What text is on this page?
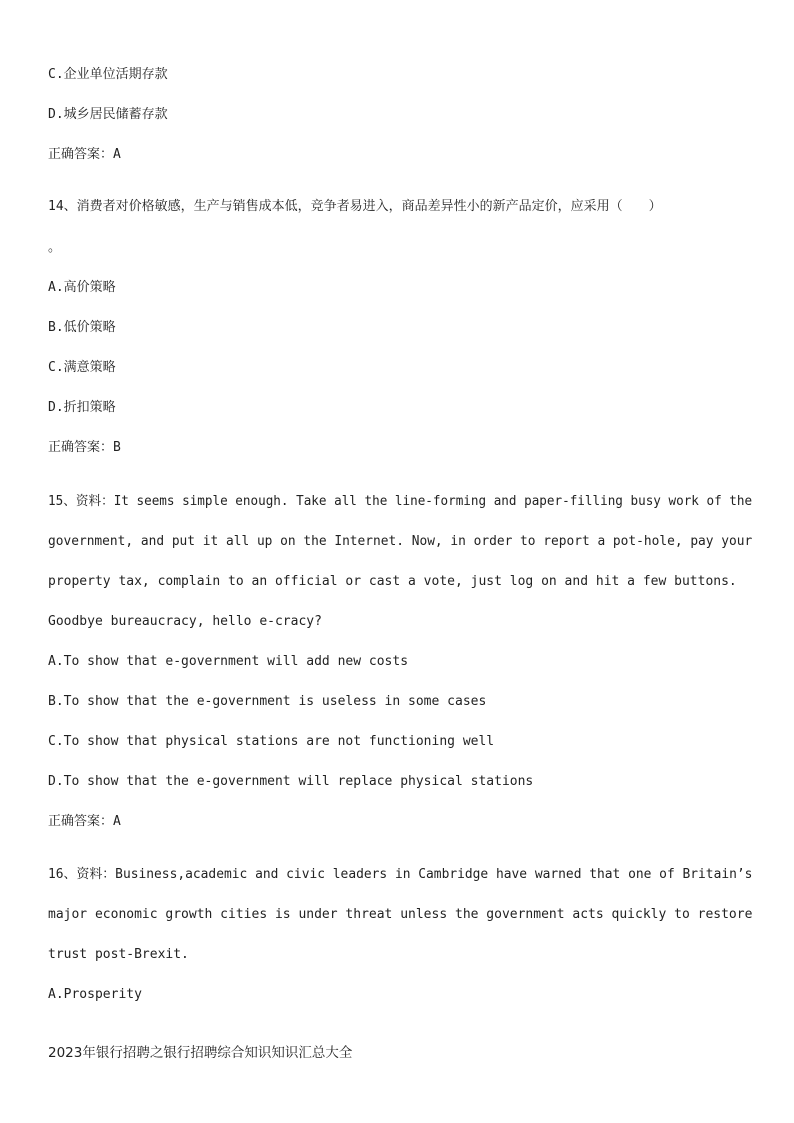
C.企业单位活期存款
D.城乡居民储蓄存款
正确答案：A
14、消费者对价格敏感，生产与销售成本低，竞争者易进入，商品差异性小的新产品定价，应采用（　　）
。
A.高价策略
B.低价策略
C.满意策略
D.折扣策略
正确答案：B
15、资料：It seems simple enough. Take all the line-forming and paper-filling busy work of the
government, and put it all up on the Internet. Now, in order to report a pot-hole, pay your
property tax, complain to an official or cast a vote, just log on and hit a few buttons.
Goodbye bureaucracy, hello e-cracy?
A.To show that e-government will add new costs
B.To show that the e-government is useless in some cases
C.To show that physical stations are not functioning well
D.To show that the e-government will replace physical stations
正确答案：A
16、资料：Business,academic and civic leaders in Cambridge have warned that one of Britain’s
major economic growth cities is under threat unless the government acts quickly to restore
trust post-Brexit.
A.Prosperity
2023年银行招聘之银行招聘综合知识知识汇总大全
